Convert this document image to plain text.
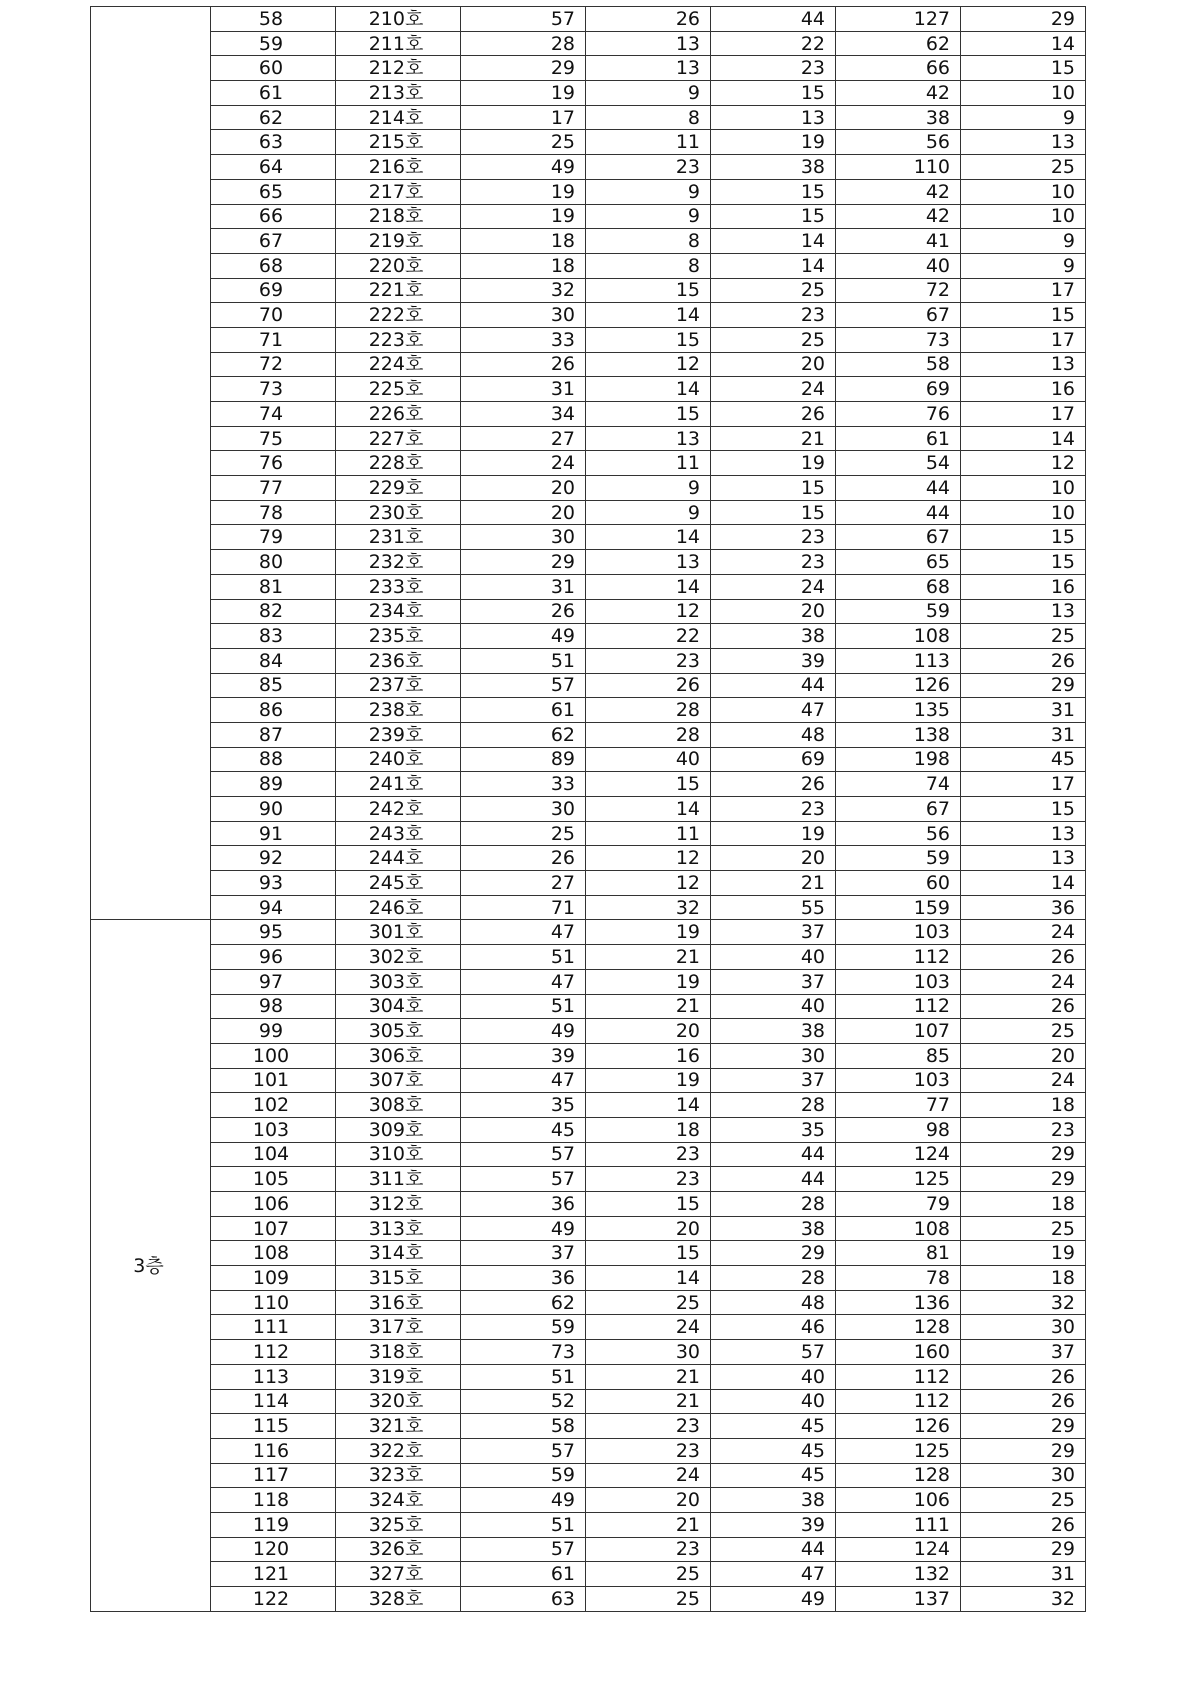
	58	210호	57	26	44	127	29
	59	211호	28	13	22	62	14
	60	212호	29	13	23	66	15
	61	213호	19	9	15	42	10
	62	214호	17	8	13	38	9
	63	215호	25	11	19	56	13
	64	216호	49	23	38	110	25
	65	217호	19	9	15	42	10
	66	218호	19	9	15	42	10
	67	219호	18	8	14	41	9
	68	220호	18	8	14	40	9
	69	221호	32	15	25	72	17
	70	222호	30	14	23	67	15
	71	223호	33	15	25	73	17
	72	224호	26	12	20	58	13
	73	225호	31	14	24	69	16
	74	226호	34	15	26	76	17
	75	227호	27	13	21	61	14
	76	228호	24	11	19	54	12
	77	229호	20	9	15	44	10
	78	230호	20	9	15	44	10
	79	231호	30	14	23	67	15
	80	232호	29	13	23	65	15
	81	233호	31	14	24	68	16
	82	234호	26	12	20	59	13
	83	235호	49	22	38	108	25
	84	236호	51	23	39	113	26
	85	237호	57	26	44	126	29
	86	238호	61	28	47	135	31
	87	239호	62	28	48	138	31
	88	240호	89	40	69	198	45
	89	241호	33	15	26	74	17
	90	242호	30	14	23	67	15
	91	243호	25	11	19	56	13
	92	244호	26	12	20	59	13
	93	245호	27	12	21	60	14
	94	246호	71	32	55	159	36
3층	95	301호	47	19	37	103	24
	96	302호	51	21	40	112	26
	97	303호	47	19	37	103	24
	98	304호	51	21	40	112	26
	99	305호	49	20	38	107	25
	100	306호	39	16	30	85	20
	101	307호	47	19	37	103	24
	102	308호	35	14	28	77	18
	103	309호	45	18	35	98	23
	104	310호	57	23	44	124	29
	105	311호	57	23	44	125	29
	106	312호	36	15	28	79	18
	107	313호	49	20	38	108	25
	108	314호	37	15	29	81	19
	109	315호	36	14	28	78	18
	110	316호	62	25	48	136	32
	111	317호	59	24	46	128	30
	112	318호	73	30	57	160	37
	113	319호	51	21	40	112	26
	114	320호	52	21	40	112	26
	115	321호	58	23	45	126	29
	116	322호	57	23	45	125	29
	117	323호	59	24	45	128	30
	118	324호	49	20	38	106	25
	119	325호	51	21	39	111	26
	120	326호	57	23	44	124	29
	121	327호	61	25	47	132	31
	122	328호	63	25	49	137	32
